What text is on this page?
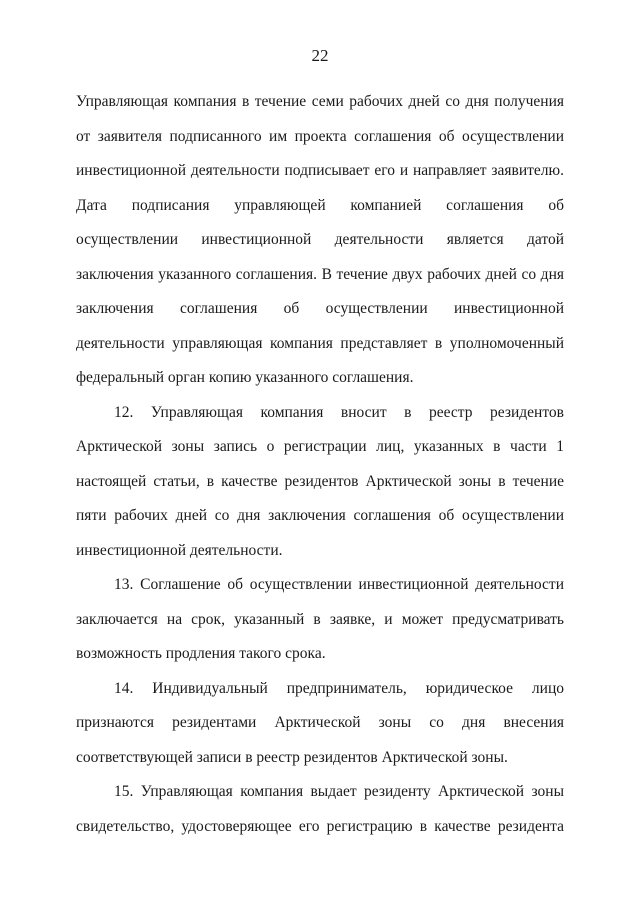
22

Управляющая компания в течение семи рабочих дней со дня получения от заявителя подписанного им проекта соглашения об осуществлении инвестиционной деятельности подписывает его и направляет заявителю. Дата подписания управляющей компанией соглашения об осуществлении инвестиционной деятельности является датой заключения указанного соглашения. В течение двух рабочих дней со дня заключения соглашения об осуществлении инвестиционной деятельности управляющая компания представляет в уполномоченный федеральный орган копию указанного соглашения.

12. Управляющая компания вносит в реестр резидентов Арктической зоны запись о регистрации лиц, указанных в части 1 настоящей статьи, в качестве резидентов Арктической зоны в течение пяти рабочих дней со дня заключения соглашения об осуществлении инвестиционной деятельности.

13. Соглашение об осуществлении инвестиционной деятельности заключается на срок, указанный в заявке, и может предусматривать возможность продления такого срока.

14. Индивидуальный предприниматель, юридическое лицо признаются резидентами Арктической зоны со дня внесения соответствующей записи в реестр резидентов Арктической зоны.

15. Управляющая компания выдает резиденту Арктической зоны свидетельство, удостоверяющее его регистрацию в качестве резидента
